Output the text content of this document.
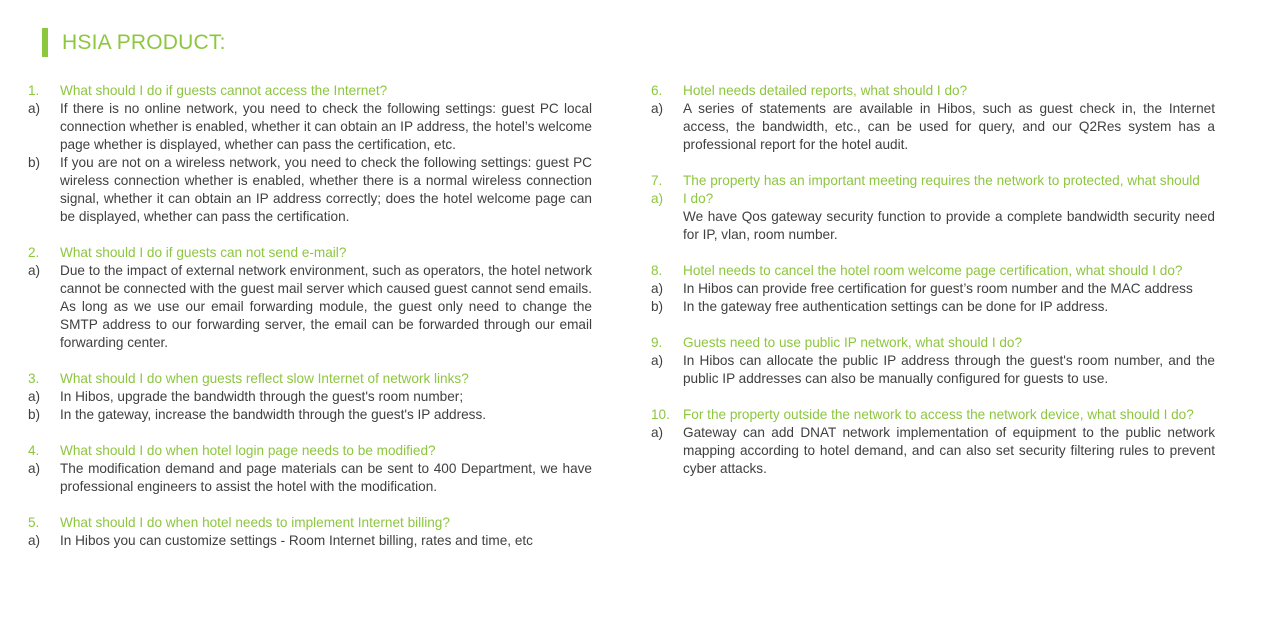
HSIA PRODUCT:
1.	What should I do if guests cannot access the Internet?
a)	If there is no online network, you need to check the following settings: guest PC local connection whether is enabled, whether it can obtain an IP address, the hotel’s welcome page whether is displayed, whether can pass the certification, etc.
b)	If you are not on a wireless network, you need to check the following settings: guest PC wireless connection whether is enabled, whether there is a normal wireless connection signal, whether it can obtain an IP address correctly; does the hotel welcome page can be displayed, whether can pass the certification.
2.	What should I do if guests can not send e-mail?
a)	Due to the impact of external network environment, such as operators, the hotel network cannot be connected with the guest mail server which caused guest cannot send emails. As long as we use our email forwarding module, the guest only need to change the SMTP address to our forwarding server, the email can be forwarded through our email forwarding center.
3.	What should I do when guests reflect slow Internet of network links?
a)	In Hibos, upgrade the bandwidth through the guest's room number;
b)	In the gateway, increase the bandwidth through the guest's IP address.
4.	What should I do when hotel login page needs to be modified?
a)	The modification demand and page materials can be sent to 400 Department, we have professional engineers to assist the hotel with the modification.
5.	What should I do when hotel needs to implement Internet billing?
a)	In Hibos you can customize settings - Room Internet billing, rates and time, etc
6.	Hotel needs detailed reports, what should I do?
a)	A series of statements are available in Hibos, such as guest check in, the Internet access, the bandwidth, etc., can be used for query, and our Q2Res system has a professional report for the hotel audit.
7.	The property has an important meeting requires the network to protected, what should
a)	I do?
We have Qos gateway security function to provide a complete bandwidth security need for IP, vlan, room number.
8.	Hotel needs to cancel the hotel room welcome page certification, what should I do?
a)	In Hibos can provide free certification for guest’s room number and the MAC address
b)	In the gateway free authentication settings can be done for IP address.
9.	Guests need to use public IP network, what should I do?
a)	In Hibos can allocate the public IP address through the guest's room number, and the public IP addresses can also be manually configured for guests to use.
10. For the property outside the network to access the network device, what should I do?
a)	Gateway can add DNAT network implementation of equipment to the public network mapping according to hotel demand, and can also set security filtering rules to prevent cyber attacks.
